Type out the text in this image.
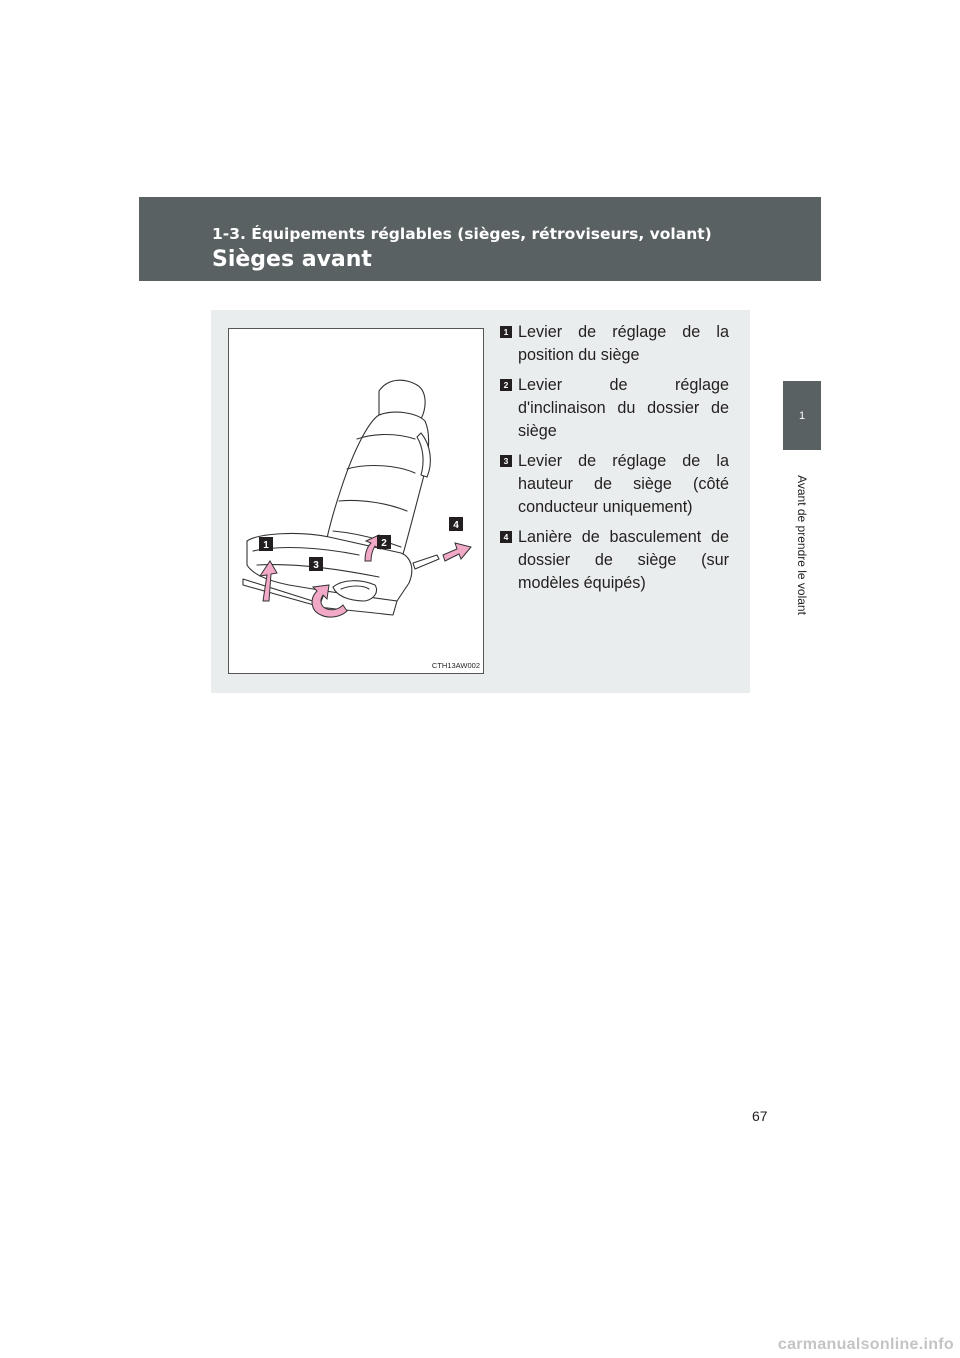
1-3. Équipements réglables (sièges, rétroviseurs, volant)
Sièges avant
1
Avant de prendre le volant
1	2
3
4
CTH13AW002
1 Levier de réglage de la position du siège
2 Levier de réglage d'inclinaison du dossier de siège
3 Levier de réglage de la hauteur de siège (côté conducteur uniquement)
4 Lanière de basculement de dossier de siège (sur modèles équipés)
67
carmanualsonline.info
